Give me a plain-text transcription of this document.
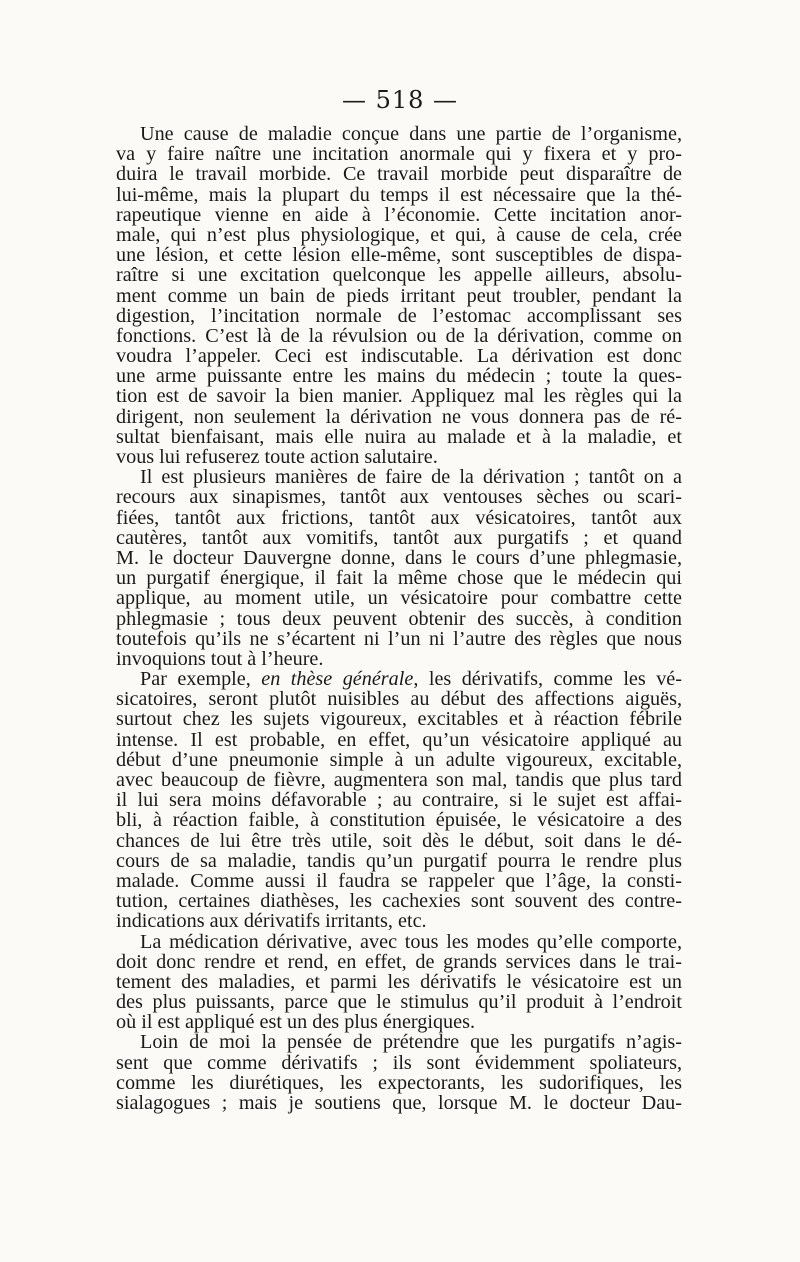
— 518 —
Une cause de maladie conçue dans une partie de l’organisme,
va y faire naître une incitation anormale qui y fixera et y pro-
duira le travail morbide. Ce travail morbide peut disparaître de
lui-même, mais la plupart du temps il est nécessaire que la thé-
rapeutique vienne en aide à l’économie. Cette incitation anor-
male, qui n’est plus physiologique, et qui, à cause de cela, crée
une lésion, et cette lésion elle-même, sont susceptibles de dispa-
raître si une excitation quelconque les appelle ailleurs, absolu-
ment comme un bain de pieds irritant peut troubler, pendant la
digestion, l’incitation normale de l’estomac accomplissant ses
fonctions. C’est là de la révulsion ou de la dérivation, comme on
voudra l’appeler. Ceci est indiscutable. La dérivation est donc
une arme puissante entre les mains du médecin ; toute la ques-
tion est de savoir la bien manier. Appliquez mal les règles qui la
dirigent, non seulement la dérivation ne vous donnera pas de ré-
sultat bienfaisant, mais elle nuira au malade et à la maladie, et
vous lui refuserez toute action salutaire.
Il est plusieurs manières de faire de la dérivation ; tantôt on a
recours aux sinapismes, tantôt aux ventouses sèches ou scari-
fiées, tantôt aux frictions, tantôt aux vésicatoires, tantôt aux
cautères, tantôt aux vomitifs, tantôt aux purgatifs ; et quand
M. le docteur Dauvergne donne, dans le cours d’une phlegmasie,
un purgatif énergique, il fait la même chose que le médecin qui
applique, au moment utile, un vésicatoire pour combattre cette
phlegmasie ; tous deux peuvent obtenir des succès, à condition
toutefois qu’ils ne s’écartent ni l’un ni l’autre des règles que nous
invoquions tout à l’heure.
Par exemple, en thèse générale, les dérivatifs, comme les vé-
sicatoires, seront plutôt nuisibles au début des affections aiguës,
surtout chez les sujets vigoureux, excitables et à réaction fébrile
intense. Il est probable, en effet, qu’un vésicatoire appliqué au
début d’une pneumonie simple à un adulte vigoureux, excitable,
avec beaucoup de fièvre, augmentera son mal, tandis que plus tard
il lui sera moins défavorable ; au contraire, si le sujet est affai-
bli, à réaction faible, à constitution épuisée, le vésicatoire a des
chances de lui être très utile, soit dès le début, soit dans le dé-
cours de sa maladie, tandis qu’un purgatif pourra le rendre plus
malade. Comme aussi il faudra se rappeler que l’âge, la consti-
tution, certaines diathèses, les cachexies sont souvent des contre-
indications aux dérivatifs irritants, etc.
La médication dérivative, avec tous les modes qu’elle comporte,
doit donc rendre et rend, en effet, de grands services dans le trai-
tement des maladies, et parmi les dérivatifs le vésicatoire est un
des plus puissants, parce que le stimulus qu’il produit à l’endroit
où il est appliqué est un des plus énergiques.
Loin de moi la pensée de prétendre que les purgatifs n’agis-
sent que comme dérivatifs ; ils sont évidemment spoliateurs,
comme les diurétiques, les expectorants, les sudorifiques, les
sialagogues ; mais je soutiens que, lorsque M. le docteur Dau-
